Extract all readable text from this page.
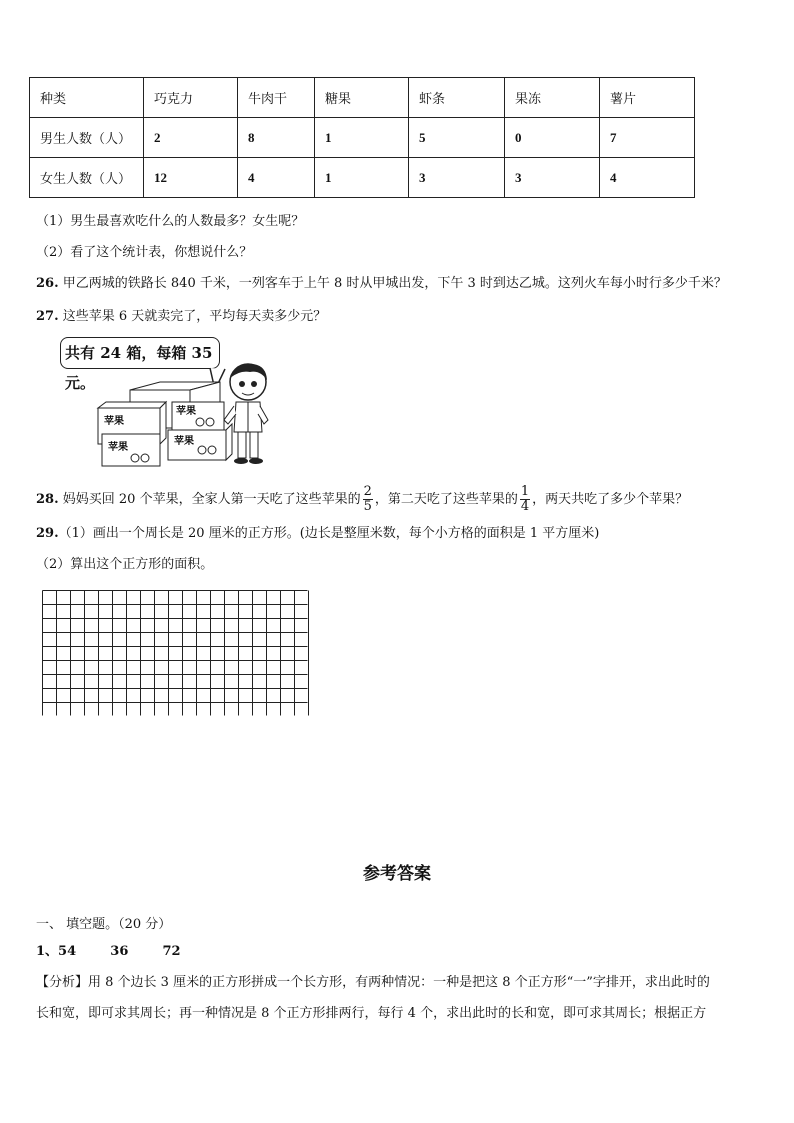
种类	巧克力	牛肉干	糖果	虾条	果冻	薯片
男生人数（人）	2	8	1	5	0	7
女生人数（人）	12	4	1	3	3	4
（1）男生最喜欢吃什么的人数最多？女生呢？
（2）看了这个统计表，你想说什么？
26. 甲乙两城的铁路长 840 千米，一列客车于上午 8 时从甲城出发，下午 3 时到达乙城。这列火车每小时行多少千米？
27. 这些苹果 6 天就卖完了，平均每天卖多少元？
共有 24 箱，每箱 35 元。
苹果
苹果
苹果
苹果
28. 妈妈买回 20 个苹果，全家人第一天吃了这些苹果的 $\frac{2}{5}$ ，第二天吃了这些苹果的 $\frac{1}{4}$ ，两天共吃了多少个苹果？
29.（1）画出一个周长是 20 厘米的正方形。(边长是整厘米数，每个小方格的面积是 1 平方厘米)
（2）算出这个正方形的面积。
参考答案
一、 填空题。（20 分）
1、54	36	72
【分析】用 8 个边长 3 厘米的正方形拼成一个长方形，有两种情况：一种是把这 8 个正方形“一”字排开，求出此时的
长和宽，即可求其周长；再一种情况是 8 个正方形排两行，每行 4 个，求出此时的长和宽，即可求其周长；根据正方
